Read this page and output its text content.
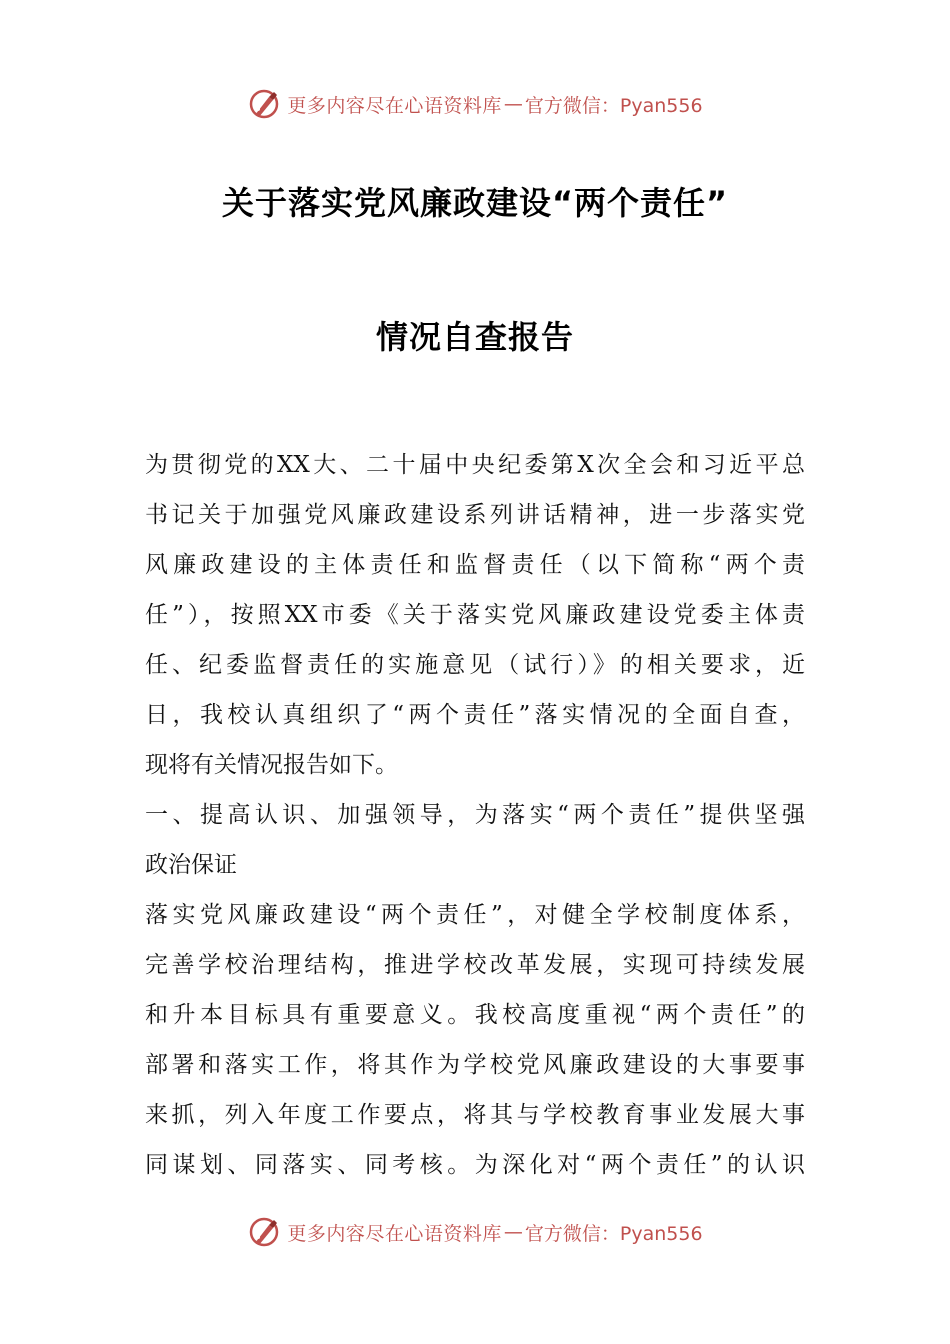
更多内容尽在心语资料库 — 官方微信：Pyan556
关于落实党风廉政建设“两个责任”
情况自查报告
为贯彻党的XX大、二十届中央纪委第X次全会和习近平总
书记关于加强党风廉政建设系列讲话精神，进一步落实党
风廉政建设的主体责任和监督责任（以下简称“两个责
任”），按照XX市委《关于落实党风廉政建设党委主体责
任、纪委监督责任的实施意见（试行）》的相关要求，近
日，我校认真组织了“两个责任”落实情况的全面自查，
现将有关情况报告如下。
一、提高认识、加强领导，为落实“两个责任”提供坚强
政治保证
落实党风廉政建设“两个责任”，对健全学校制度体系，
完善学校治理结构，推进学校改革发展，实现可持续发展
和升本目标具有重要意义。我校高度重视“两个责任”的
部署和落实工作，将其作为学校党风廉政建设的大事要事
来抓，列入年度工作要点，将其与学校教育事业发展大事
同谋划、同落实、同考核。为深化对“两个责任”的认识
更多内容尽在心语资料库 — 官方微信：Pyan556
